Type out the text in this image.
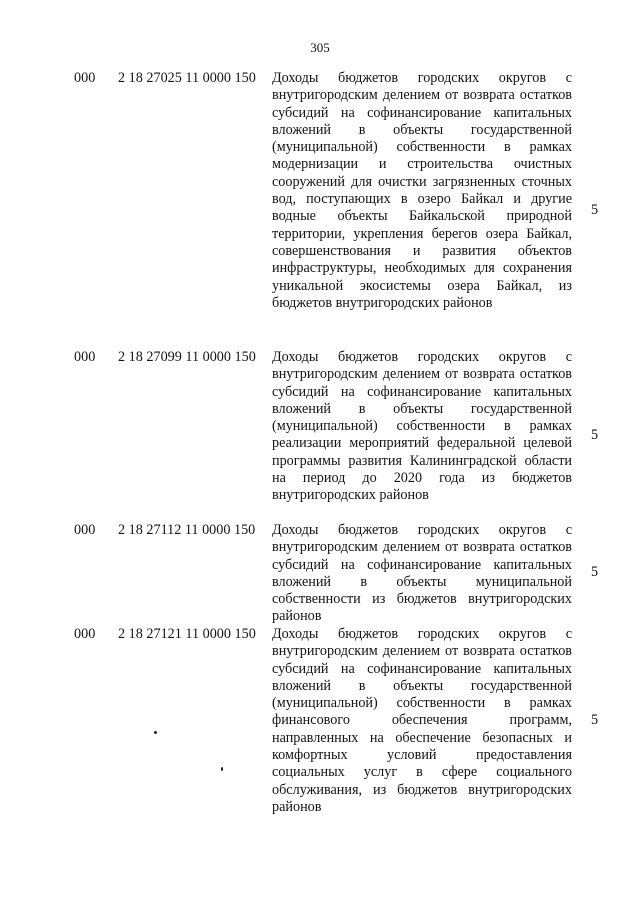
305
000 2 18 27025 11 0000 150 Доходы бюджетов городских округов с внутригородским делением от возврата остатков субсидий на софинансирование капитальных вложений в объекты государственной (муниципальной) собственности в рамках модернизации и строительства очистных сооружений для очистки загрязненных сточных вод, поступающих в озеро Байкал и другие водные объекты Байкальской природной территории, укрепления берегов озера Байкал, совершенствования и развития объектов инфраструктуры, необходимых для сохранения уникальной экосистемы озера Байкал, из бюджетов внутригородских районов
5
000 2 18 27099 11 0000 150 Доходы бюджетов городских округов с внутригородским делением от возврата остатков субсидий на софинансирование капитальных вложений в объекты государственной (муниципальной) собственности в рамках реализации мероприятий федеральной целевой программы развития Калининградской области на период до 2020 года из бюджетов внутригородских районов
5
000 2 18 27112 11 0000 150 Доходы бюджетов городских округов с внутригородским делением от возврата остатков субсидий на софинансирование капитальных вложений в объекты муниципальной собственности из бюджетов внутригородских районов
5
000 2 18 27121 11 0000 150 Доходы бюджетов городских округов с внутригородским делением от возврата остатков субсидий на софинансирование капитальных вложений в объекты государственной (муниципальной) собственности в рамках финансового обеспечения программ, направленных на обеспечение безопасных и комфортных условий предоставления социальных услуг в сфере социального обслуживания, из бюджетов внутригородских районов
5
